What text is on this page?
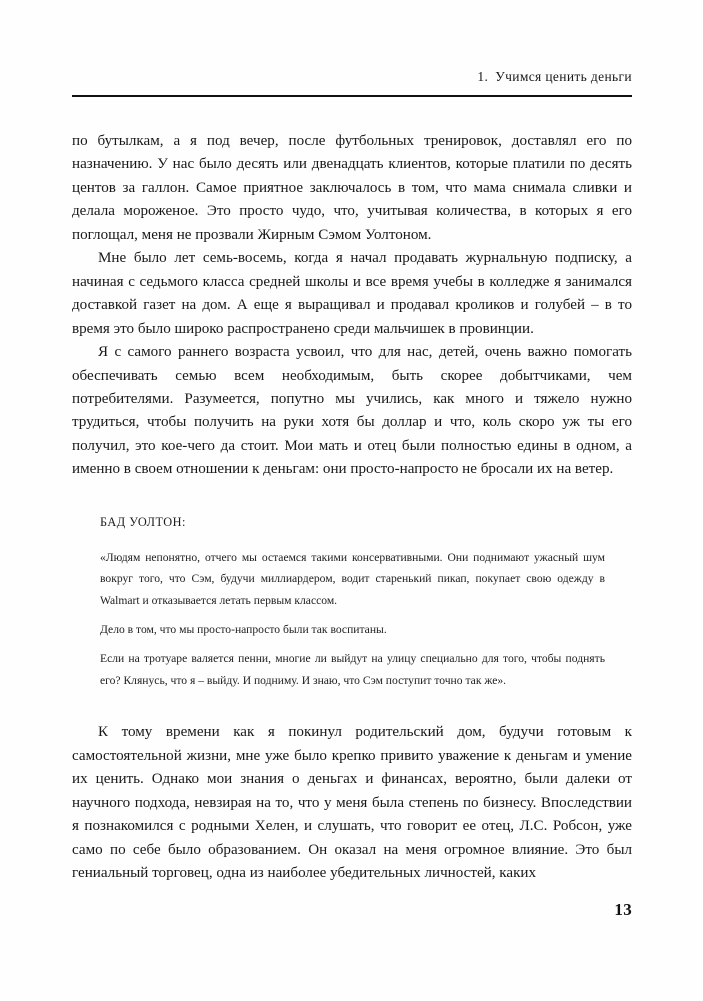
1. Учимся ценить деньги

по бутылкам, а я под вечер, после футбольных тренировок, доставлял его по назначению. У нас было десять или двенадцать клиентов, которые платили по десять центов за галлон. Самое приятное заключалось в том, что мама снимала сливки и делала мороженое. Это просто чудо, что, учитывая количества, в которых я его поглощал, меня не прозвали Жирным Сэмом Уолтоном.

Мне было лет семь-восемь, когда я начал продавать журнальную подписку, а начиная с седьмого класса средней школы и все время учебы в колледже я занимался доставкой газет на дом. А еще я выращивал и продавал кроликов и голубей – в то время это было широко распространено среди мальчишек в провинции.

Я с самого раннего возраста усвоил, что для нас, детей, очень важно помогать обеспечивать семью всем необходимым, быть скорее добытчиками, чем потребителями. Разумеется, попутно мы учились, как много и тяжело нужно трудиться, чтобы получить на руки хотя бы доллар и что, коль скоро уж ты его получил, это кое-чего да стоит. Мои мать и отец были полностью едины в одном, а именно в своем отношении к деньгам: они просто-напросто не бросали их на ветер.

БАД УОЛТОН:

«Людям непонятно, отчего мы остаемся такими консервативными. Они поднимают ужасный шум вокруг того, что Сэм, будучи миллиардером, водит старенький пикап, покупает свою одежду в Walmart и отказывается летать первым классом.

Дело в том, что мы просто-напросто были так воспитаны.

Если на тротуаре валяется пенни, многие ли выйдут на улицу специально для того, чтобы поднять его? Клянусь, что я – выйду. И подниму. И знаю, что Сэм поступит точно так же».

К тому времени как я покинул родительский дом, будучи готовым к самостоятельной жизни, мне уже было крепко привито уважение к деньгам и умение их ценить. Однако мои знания о деньгах и финансах, вероятно, были далеки от научного подхода, невзирая на то, что у меня была степень по бизнесу. Впоследствии я познакомился с родными Хелен, и слушать, что говорит ее отец, Л.С. Робсон, уже само по себе было образованием. Он оказал на меня огромное влияние. Это был гениальный торговец, одна из наиболее убедительных личностей, каких

13
